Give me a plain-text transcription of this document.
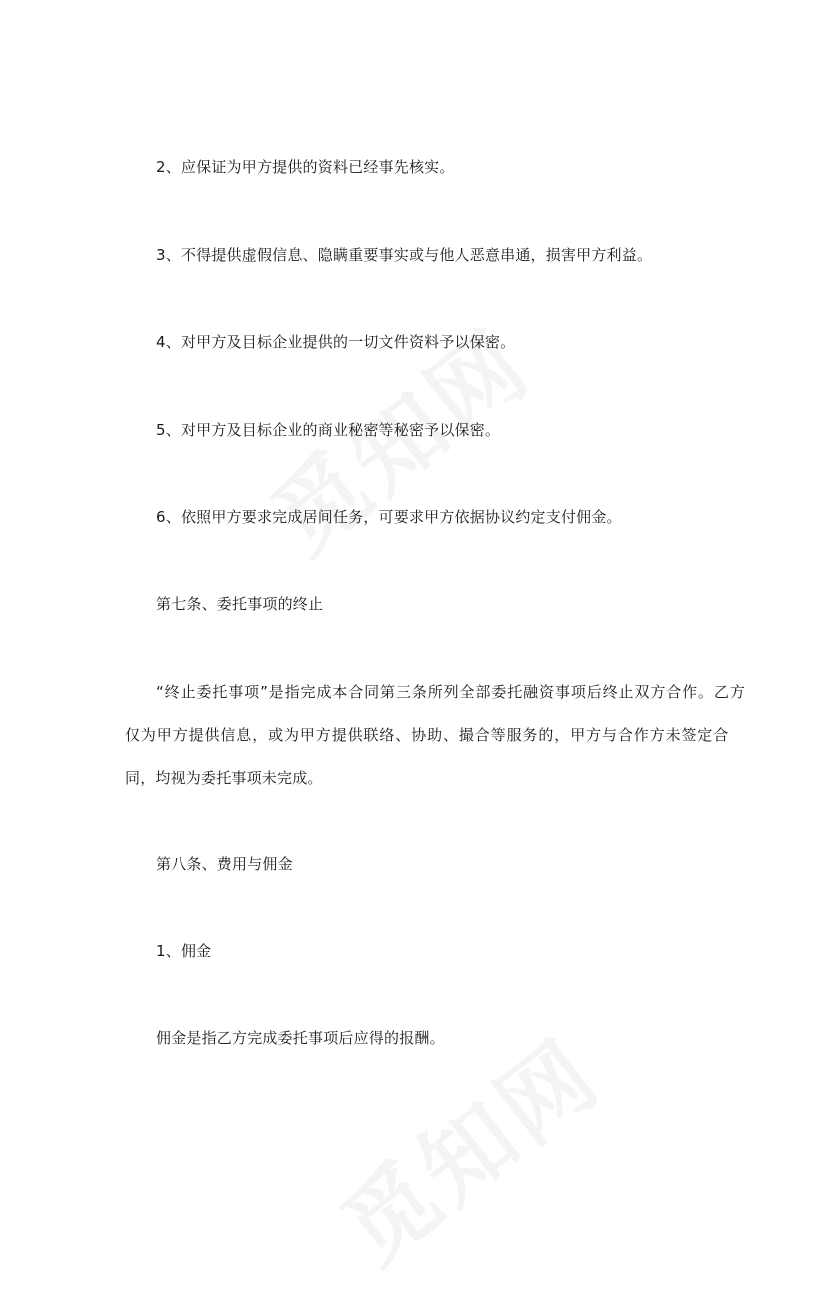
2、应保证为甲方提供的资料已经事先核实。
3、不得提供虚假信息、隐瞒重要事实或与他人恶意串通，损害甲方利益。
4、对甲方及目标企业提供的一切文件资料予以保密。
5、对甲方及目标企业的商业秘密等秘密予以保密。
6、依照甲方要求完成居间任务，可要求甲方依据协议约定支付佣金。
第七条、委托事项的终止
“终止委托事项”是指完成本合同第三条所列全部委托融资事项后终止双方合作。乙方
仅为甲方提供信息，或为甲方提供联络、协助、撮合等服务的，甲方与合作方未签定合
同，均视为委托事项未完成。
第八条、费用与佣金
1、佣金
佣金是指乙方完成委托事项后应得的报酬。
